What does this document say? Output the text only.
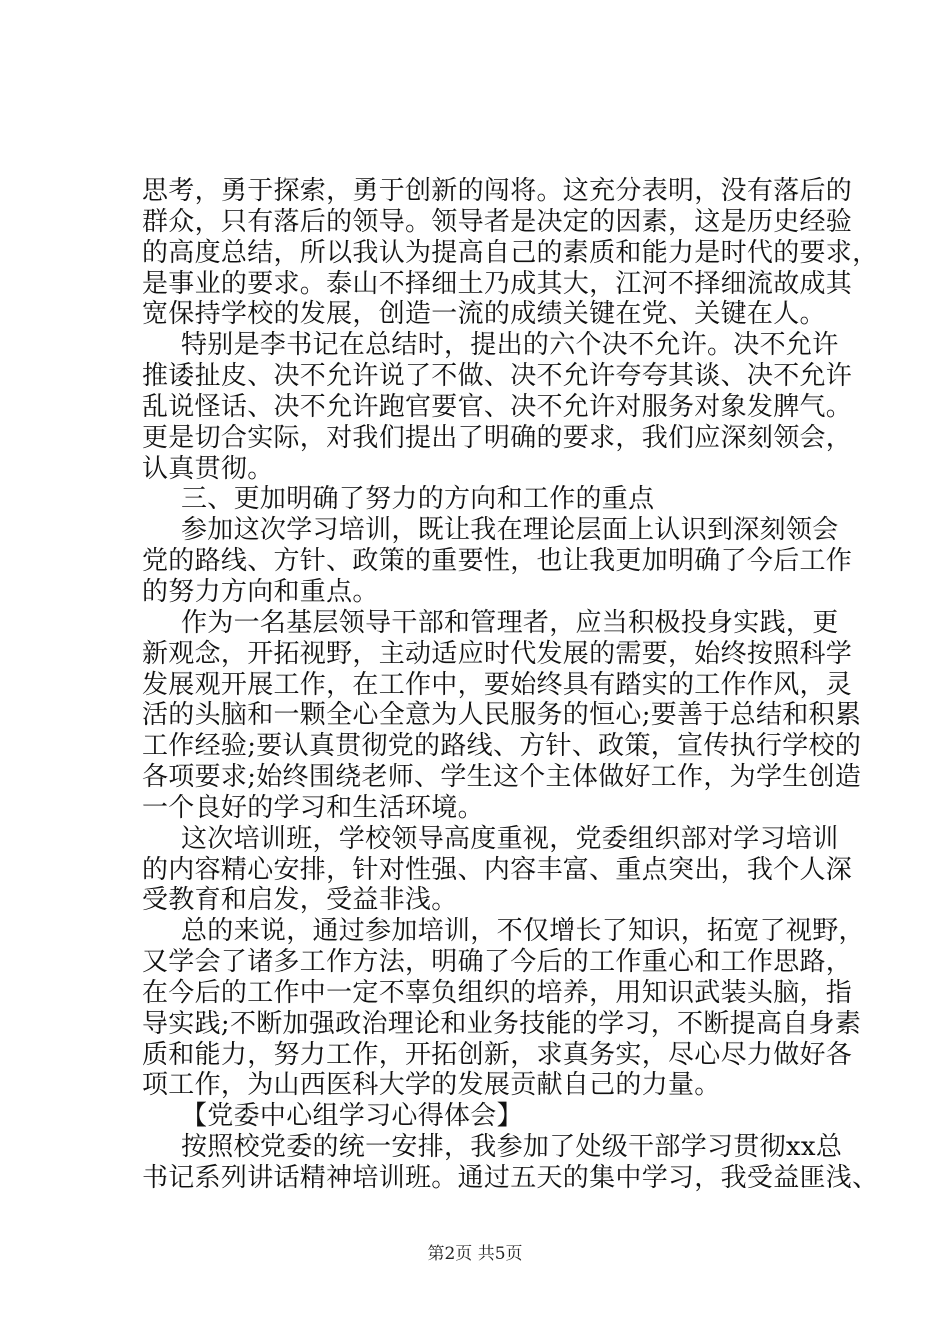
思考，勇于探索，勇于创新的闯将。这充分表明，没有落后的
群众，只有落后的领导。领导者是决定的因素，这是历史经验
的高度总结，所以我认为提高自己的素质和能力是时代的要求，
是事业的要求。泰山不择细土乃成其大，江河不择细流故成其
宽保持学校的发展，创造一流的成绩关键在党、关键在人。
特别是李书记在总结时，提出的六个决不允许。决不允许
推诿扯皮、决不允许说了不做、决不允许夸夸其谈、决不允许
乱说怪话、决不允许跑官要官、决不允许对服务对象发脾气。
更是切合实际，对我们提出了明确的要求，我们应深刻领会，
认真贯彻。
三、更加明确了努力的方向和工作的重点
参加这次学习培训，既让我在理论层面上认识到深刻领会
党的路线、方针、政策的重要性，也让我更加明确了今后工作
的努力方向和重点。
作为一名基层领导干部和管理者，应当积极投身实践，更
新观念，开拓视野，主动适应时代发展的需要，始终按照科学
发展观开展工作，在工作中，要始终具有踏实的工作作风，灵
活的头脑和一颗全心全意为人民服务的恒心;要善于总结和积累
工作经验;要认真贯彻党的路线、方针、政策，宣传执行学校的
各项要求;始终围绕老师、学生这个主体做好工作，为学生创造
一个良好的学习和生活环境。
这次培训班，学校领导高度重视，党委组织部对学习培训
的内容精心安排，针对性强、内容丰富、重点突出，我个人深
受教育和启发，受益非浅。
总的来说，通过参加培训，不仅增长了知识，拓宽了视野，
又学会了诸多工作方法，明确了今后的工作重心和工作思路，
在今后的工作中一定不辜负组织的培养，用知识武装头脑，指
导实践;不断加强政治理论和业务技能的学习，不断提高自身素
质和能力，努力工作，开拓创新，求真务实，尽心尽力做好各
项工作，为山西医科大学的发展贡献自己的力量。
【党委中心组学习心得体会】
按照校党委的统一安排，我参加了处级干部学习贯彻xx总
书记系列讲话精神培训班。通过五天的集中学习，我受益匪浅、
第2页 共5页
